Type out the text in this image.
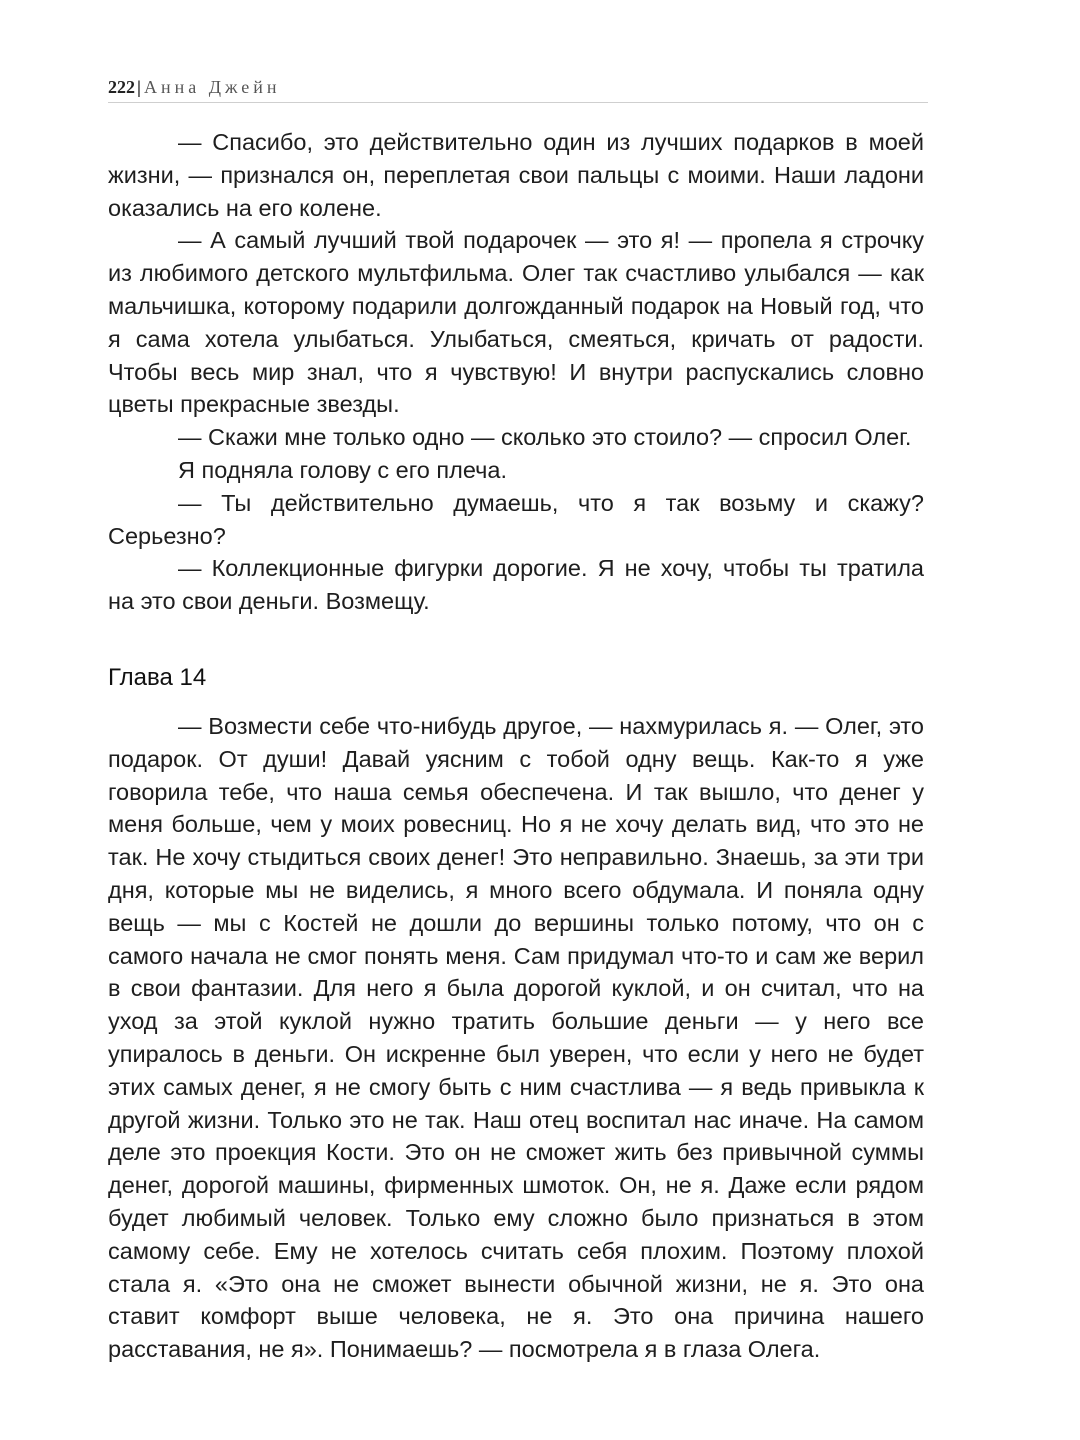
222 | Анна Джейн

— Спасибо, это действительно один из лучших подарков в моей жизни, — признался он, переплетая свои пальцы с моими. Наши ладони оказались на его колене.

— А самый лучший твой подарочек — это я! — пропела я строчку из любимого детского мультфильма. Олег так счастливо улыбался — как мальчишка, которому подарили долгожданный подарок на Новый год, что я сама хотела улыбаться. Улыбаться, смеяться, кричать от радости. Чтобы весь мир знал, что я чувствую! И внутри распускались словно цветы прекрасные звезды.

— Скажи мне только одно — сколько это стоило? — спросил Олег.

Я подняла голову с его плеча.

— Ты действительно думаешь, что я так возьму и скажу? Серьезно?

— Коллекционные фигурки дорогие. Я не хочу, чтобы ты тратила на это свои деньги. Возмещу.

Глава 14

— Возмести себе что-нибудь другое, — нахмурилась я. — Олег, это подарок. От души! Давай уясним с тобой одну вещь. Как-то я уже говорила тебе, что наша семья обеспечена. И так вышло, что денег у меня больше, чем у моих ровесниц. Но я не хочу делать вид, что это не так. Не хочу стыдиться своих денег! Это неправильно. Знаешь, за эти три дня, которые мы не виделись, я много всего обдумала. И поняла одну вещь — мы с Костей не дошли до вершины только потому, что он с самого начала не смог понять меня. Сам придумал что-то и сам же верил в свои фантазии. Для него я была дорогой куклой, и он считал, что на уход за этой куклой нужно тратить большие деньги — у него все упиралось в деньги. Он искренне был уверен, что если у него не будет этих самых денег, я не смогу быть с ним счастлива — я ведь привыкла к другой жизни. Только это не так. Наш отец воспитал нас иначе. На самом деле это проекция Кости. Это он не сможет жить без привычной суммы денег, дорогой машины, фирменных шмоток. Он, не я. Даже если рядом будет любимый человек. Только ему сложно было признаться в этом самому себе. Ему не хотелось считать себя плохим. Поэтому плохой стала я. «Это она не сможет вынести обычной жизни, не я. Это она ставит комфорт выше человека, не я. Это она причина нашего расставания, не я». Понимаешь? — посмотрела я в глаза Олега.
